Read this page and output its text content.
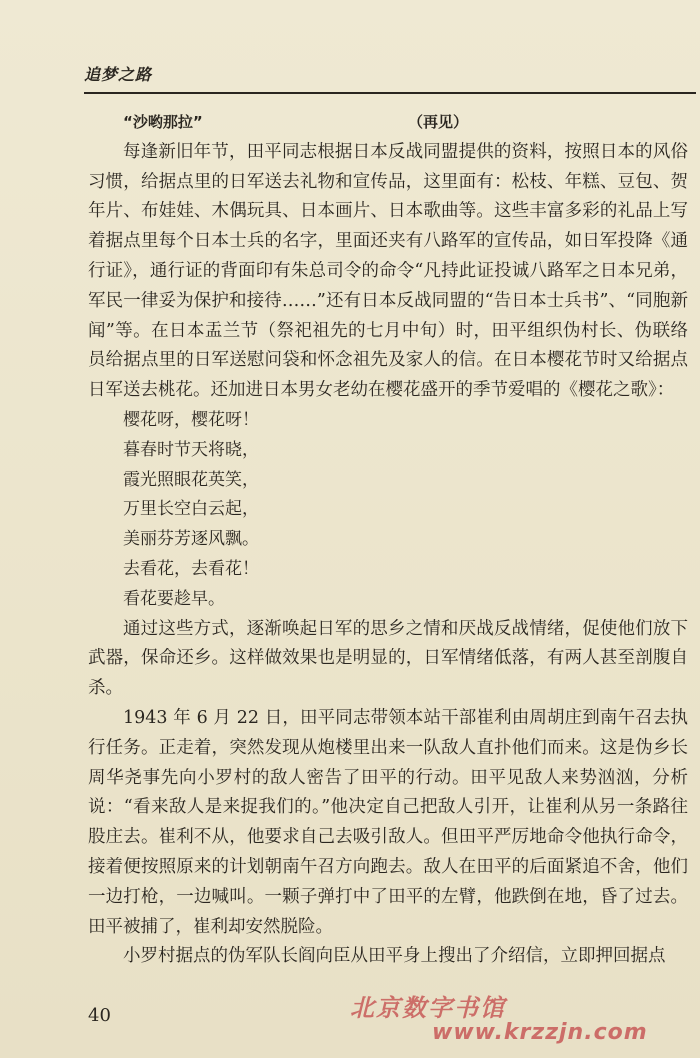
追梦之路
“沙哟那拉”	（再见）

每逢新旧年节，田平同志根据日本反战同盟提供的资料，按照日本的风俗习惯，给据点里的日军送去礼物和宣传品，这里面有：松枝、年糕、豆包、贺年片、布娃娃、木偶玩具、日本画片、日本歌曲等。这些丰富多彩的礼品上写着据点里每个日本士兵的名字，里面还夹有八路军的宣传品，如日军投降《通行证》，通行证的背面印有朱总司令的命令“凡持此证投诚八路军之日本兄弟，军民一律妥为保护和接待……”还有日本反战同盟的“告日本士兵书”、“同胞新闻”等。在日本盂兰节（祭祀祖先的七月中旬）时，田平组织伪村长、伪联络员给据点里的日军送慰问袋和怀念祖先及家人的信。在日本樱花节时又给据点日军送去桃花。还加进日本男女老幼在樱花盛开的季节爱唱的《樱花之歌》：

樱花呀，樱花呀！
暮春时节天将晓，
霞光照眼花英笑，
万里长空白云起，
美丽芬芳逐风飘。
去看花，去看花！
看花要趁早。

通过这些方式，逐渐唤起日军的思乡之情和厌战反战情绪，促使他们放下武器，保命还乡。这样做效果也是明显的，日军情绪低落，有两人甚至剖腹自杀。

1943 年 6 月 22 日，田平同志带领本站干部崔利由周胡庄到南午召去执行任务。正走着，突然发现从炮楼里出来一队敌人直扑他们而来。这是伪乡长周华尧事先向小罗村的敌人密告了田平的行动。田平见敌人来势汹汹，分析说：“看来敌人是来捉我们的。”他决定自己把敌人引开，让崔利从另一条路往股庄去。崔利不从，他要求自己去吸引敌人。但田平严厉地命令他执行命令，接着便按照原来的计划朝南午召方向跑去。敌人在田平的后面紧追不舍，他们一边打枪，一边喊叫。一颗子弹打中了田平的左臂，他跌倒在地，昏了过去。田平被捕了，崔利却安然脱险。

小罗村据点的伪军队长阎向臣从田平身上搜出了介绍信，立即押回据点

40	北京数字书馆
www.krzzjn.com
